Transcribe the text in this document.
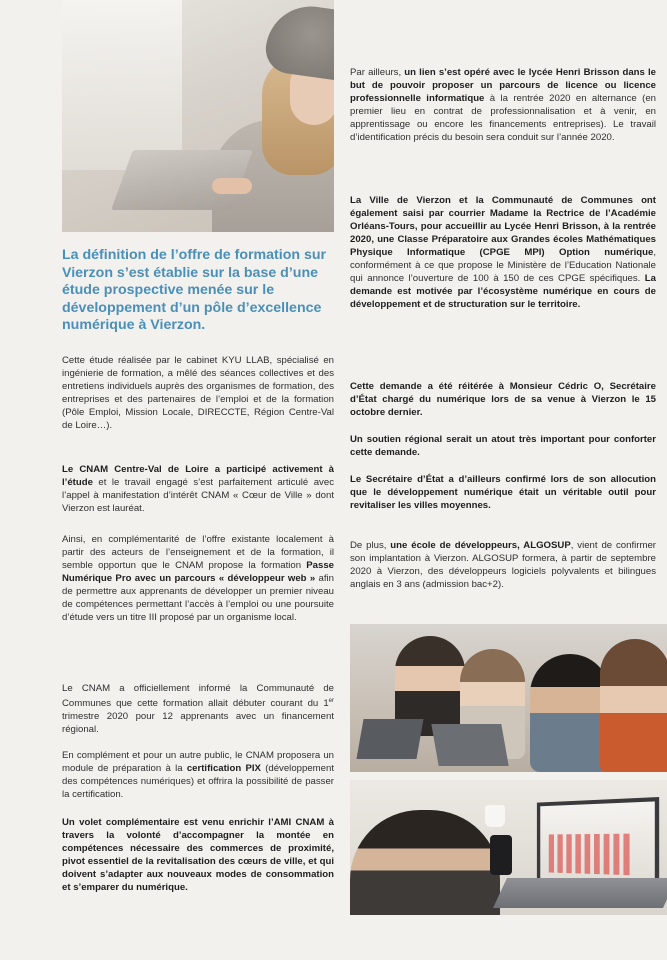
La définition de l’offre de formation sur Vierzon s’est établie sur la base d’une étude prospective menée sur le développement d’un pôle d’excellence numérique à Vierzon.

Cette étude réalisée par le cabinet KYU LLAB, spécialisé en ingénierie de formation, a mêlé des séances collectives et des entretiens individuels auprès des organismes de formation, des entreprises et des partenaires de l’emploi et de la formation (Pôle Emploi, Mission Locale, DIRECCTE, Région Centre-Val de Loire…).

Le CNAM Centre-Val de Loire a participé activement à l’étude et le travail engagé s’est parfaitement articulé avec l’appel à manifestation d’intérêt CNAM « Cœur de Ville » dont Vierzon est lauréat.

Ainsi, en complémentarité de l’offre existante localement à partir des acteurs de l’enseignement et de la formation, il semble opportun que le CNAM propose la formation Passe Numérique Pro avec un parcours « développeur web » afin de permettre aux apprenants de développer un premier niveau de compétences permettant l’accès à l’emploi ou une poursuite d’étude vers un titre III proposé par un organisme local.

Le CNAM a officiellement informé la Communauté de Communes que cette formation allait débuter courant du 1er trimestre 2020 pour 12 apprenants avec un financement régional.

En complément et pour un autre public, le CNAM proposera un module de préparation à la certification PIX (développement des compétences numériques) et offrira la possibilité de passer la certification.

Un volet complémentaire est venu enrichir l’AMI CNAM à travers la volonté d’accompagner la montée en compétences nécessaire des commerces de proximité, pivot essentiel de la revitalisation des cœurs de ville, et qui doivent s’adapter aux nouveaux modes de consommation et s’emparer du numérique.

Par ailleurs, un lien s’est opéré avec le lycée Henri Brisson dans le but de pouvoir proposer un parcours de licence ou licence professionnelle informatique à la rentrée 2020 en alternance (en premier lieu en contrat de professionnalisation et à venir, en apprentissage ou encore les financements entreprises). Le travail d’identification précis du besoin sera conduit sur l’année 2020.

La Ville de Vierzon et la Communauté de Communes ont également saisi par courrier Madame la Rectrice de l’Académie Orléans-Tours, pour accueillir au Lycée Henri Brisson, à la rentrée 2020, une Classe Préparatoire aux Grandes écoles Mathématiques Physique Informatique (CPGE MPI) Option numérique, conformément à ce que propose le Ministère de l’Education Nationale qui annonce l’ouverture de 100 à 150 de ces CPGE spécifiques. La demande est motivée par l’écosystème numérique en cours de développement et de structuration sur le territoire.

Cette demande a été réitérée à Monsieur Cédric O, Secrétaire d’État chargé du numérique lors de sa venue à Vierzon le 15 octobre dernier.

Un soutien régional serait un atout très important pour conforter cette demande.

Le Secrétaire d’État a d’ailleurs confirmé lors de son allocution que le développement numérique était un véritable outil pour revitaliser les villes moyennes.

De plus, une école de développeurs, ALGOSUP, vient de confirmer son implantation à Vierzon. ALGOSUP formera, à partir de septembre 2020 à Vierzon, des développeurs logiciels polyvalents et bilingues anglais en 3 ans (admission bac+2).
